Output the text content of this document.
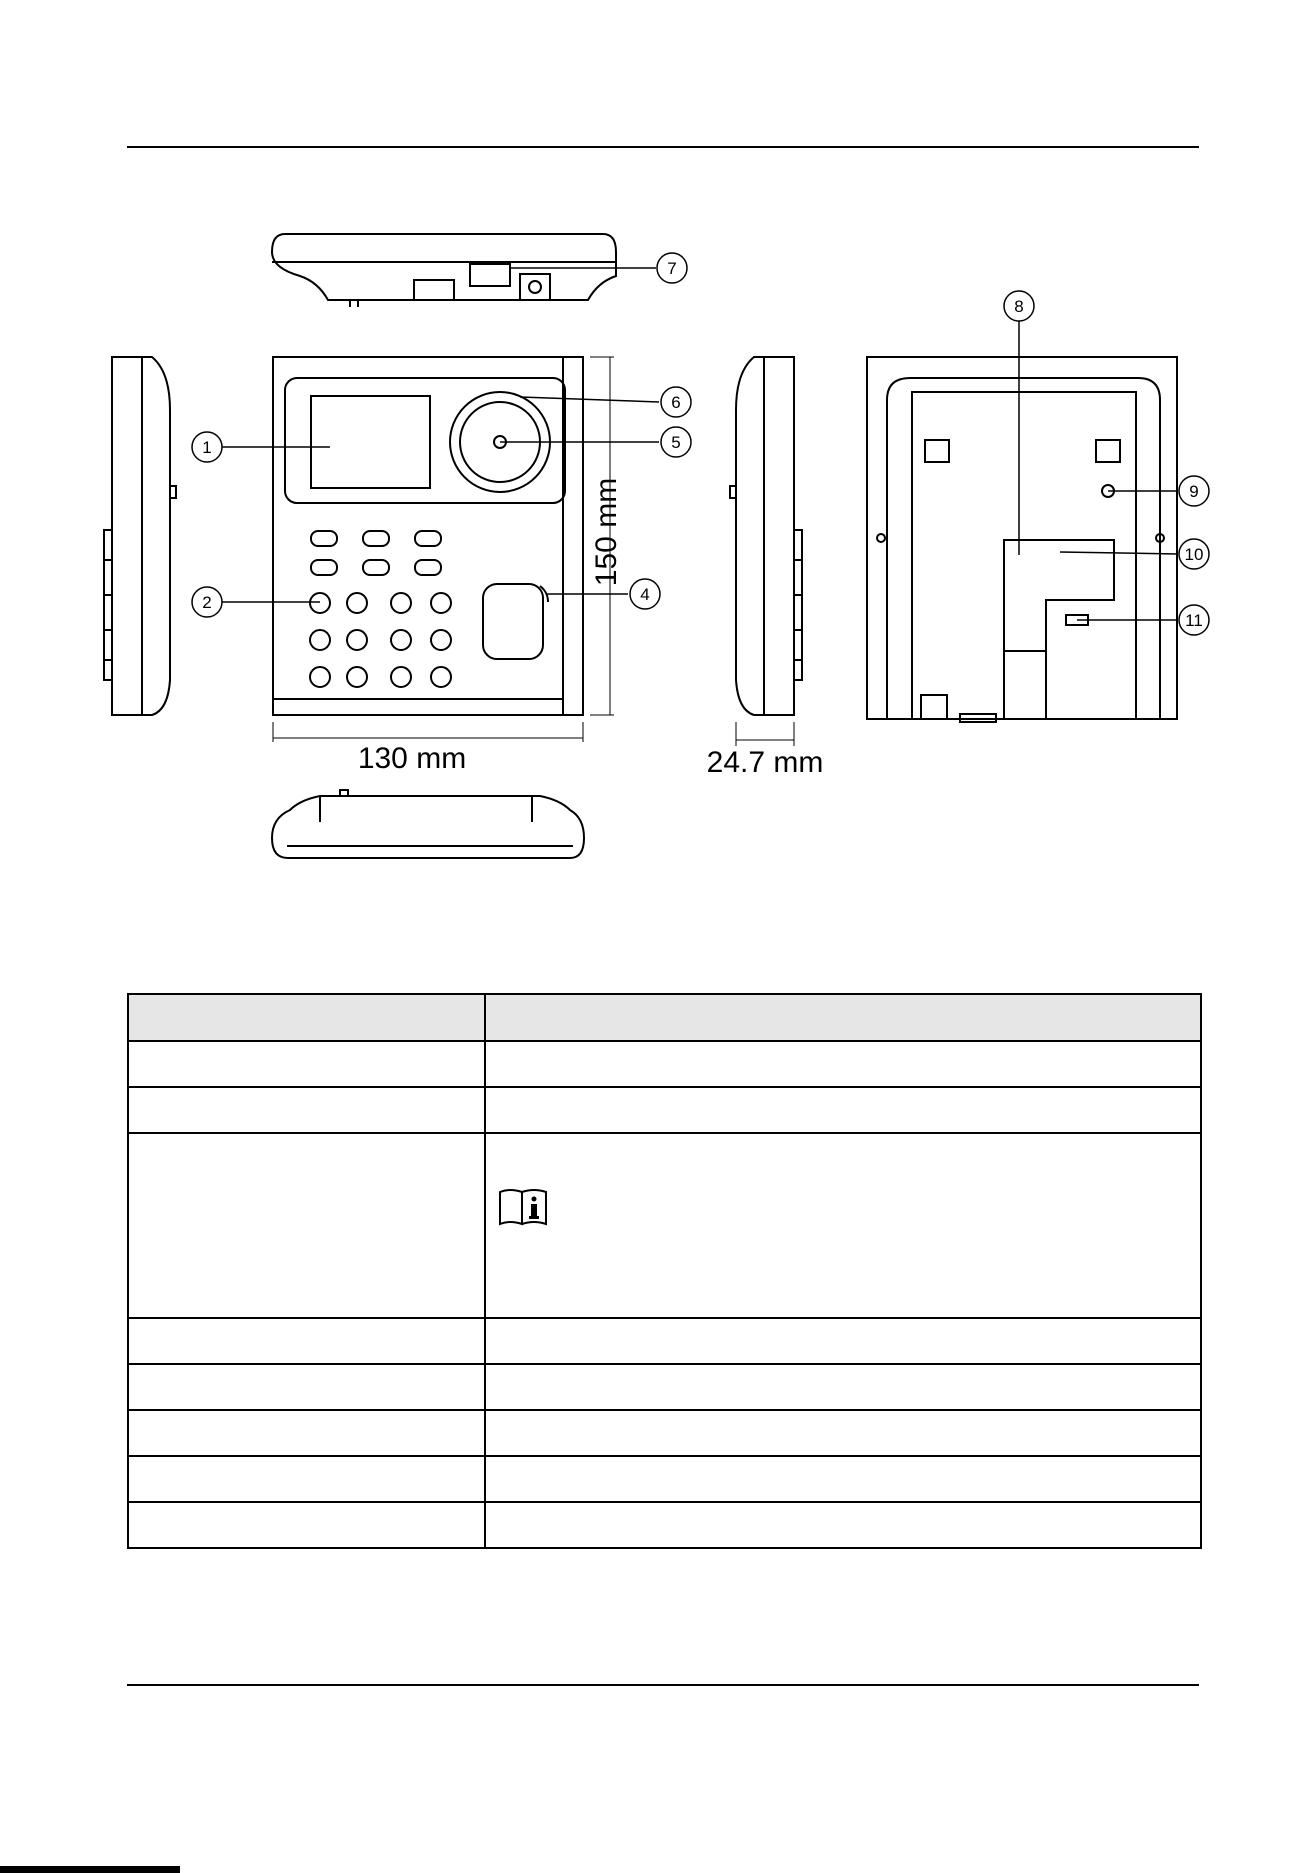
1
2	4
5
6
7
8
9
10
11
130 mm
150 mm
24.7 mm
